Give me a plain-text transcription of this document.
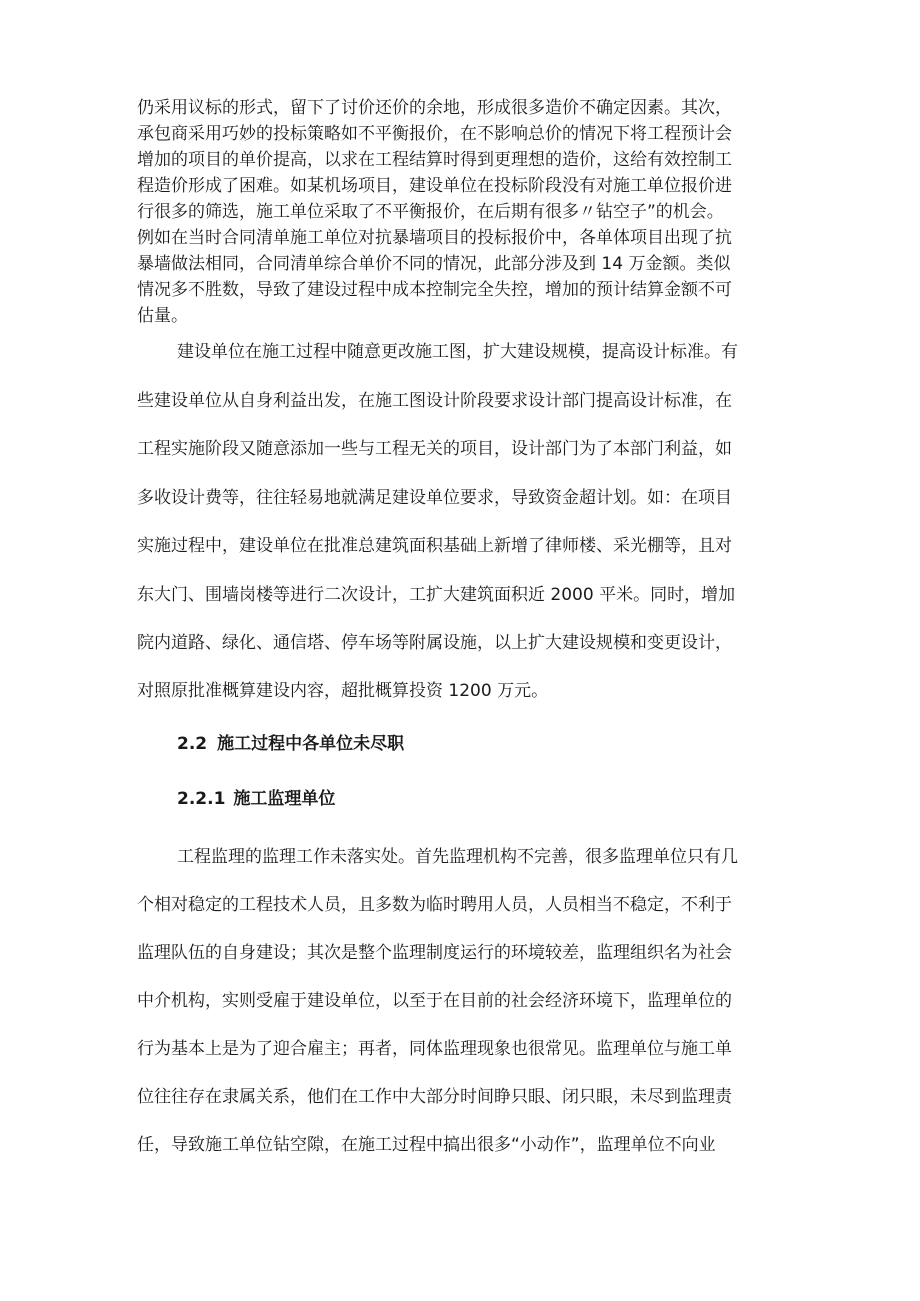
仍采用议标的形式，留下了讨价还价的余地，形成很多造价不确定因素。其次，
承包商采用巧妙的投标策略如不平衡报价，在不影响总价的情况下将工程预计会
增加的项目的单价提高，以求在工程结算时得到更理想的造价，这给有效控制工
程造价形成了困难。如某机场项目，建设单位在投标阶段没有对施工单位报价进
行很多的筛选，施工单位采取了不平衡报价，在后期有很多〃钻空子”的机会。
例如在当时合同清单施工单位对抗暴墙项目的投标报价中，各单体项目出现了抗
暴墙做法相同，合同清单综合单价不同的情况，此部分涉及到 14 万金额。类似
情况多不胜数，导致了建设过程中成本控制完全失控，增加的预计结算金额不可
估量。
建设单位在施工过程中随意更改施工图，扩大建设规模，提高设计标准。有
些建设单位从自身利益出发，在施工图设计阶段要求设计部门提高设计标准，在
工程实施阶段又随意添加一些与工程无关的项目，设计部门为了本部门利益，如
多收设计费等，往往轻易地就满足建设单位要求，导致资金超计划。如：在项目
实施过程中，建设单位在批准总建筑面积基础上新增了律师楼、采光棚等，且对
东大门、围墙岗楼等进行二次设计，工扩大建筑面积近 2000 平米。同时，增加
院内道路、绿化、通信塔、停车场等附属设施，以上扩大建设规模和变更设计，
对照原批准概算建设内容，超批概算投资 1200 万元。
2.2 施工过程中各单位未尽职
2.2.1 施工监理单位
工程监理的监理工作未落实处。首先监理机构不完善，很多监理单位只有几
个相对稳定的工程技术人员，且多数为临时聘用人员，人员相当不稳定，不利于
监理队伍的自身建设；其次是整个监理制度运行的环境较差，监理组织名为社会
中介机构，实则受雇于建设单位，以至于在目前的社会经济环境下，监理单位的
行为基本上是为了迎合雇主；再者，同体监理现象也很常见。监理单位与施工单
位往往存在隶属关系，他们在工作中大部分时间睁只眼、闭只眼，未尽到监理责
任，导致施工单位钻空隙，在施工过程中搞出很多“小动作”，监理单位不向业
